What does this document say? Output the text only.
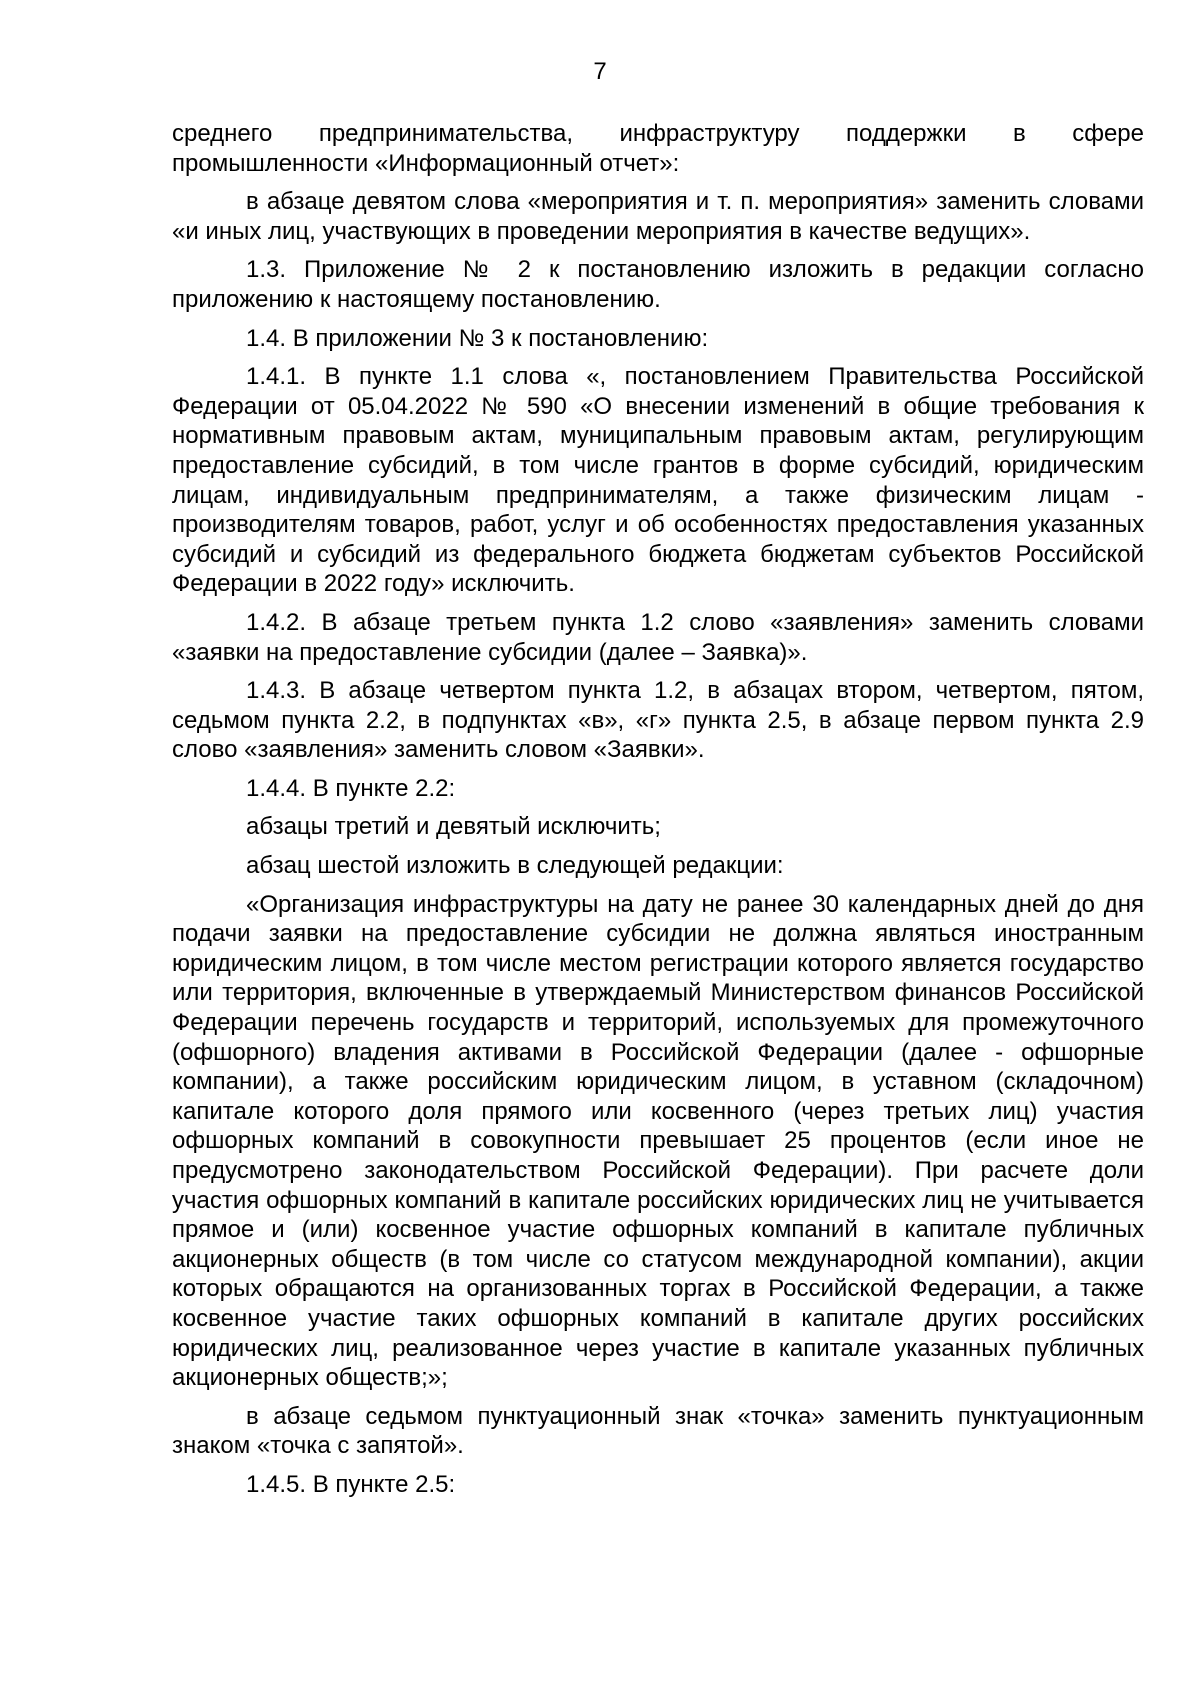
7

среднего предпринимательства, инфраструктуру поддержки в сфере промышленности «Информационный отчет»:

в абзаце девятом слова «мероприятия и т. п. мероприятия» заменить словами «и иных лиц, участвующих в проведении мероприятия в качестве ведущих».

1.3. Приложение № 2 к постановлению изложить в редакции согласно приложению к настоящему постановлению.

1.4. В приложении № 3 к постановлению:

1.4.1. В пункте 1.1 слова «, постановлением Правительства Российской Федерации от 05.04.2022 № 590 «О внесении изменений в общие требования к нормативным правовым актам, муниципальным правовым актам, регулирующим предоставление субсидий, в том числе грантов в форме субсидий, юридическим лицам, индивидуальным предпринимателям, а также физическим лицам - производителям товаров, работ, услуг и об особенностях предоставления указанных субсидий и субсидий из федерального бюджета бюджетам субъектов Российской Федерации в 2022 году» исключить.

1.4.2. В абзаце третьем пункта 1.2 слово «заявления» заменить словами «заявки на предоставление субсидии (далее – Заявка)».

1.4.3. В абзаце четвертом пункта 1.2, в абзацах втором, четвертом, пятом, седьмом пункта 2.2, в подпунктах «в», «г» пункта 2.5, в абзаце первом пункта 2.9 слово «заявления» заменить словом «Заявки».

1.4.4. В пункте 2.2:

абзацы третий и девятый исключить;

абзац шестой изложить в следующей редакции:

«Организация инфраструктуры на дату не ранее 30 календарных дней до дня подачи заявки на предоставление субсидии не должна являться иностранным юридическим лицом, в том числе местом регистрации которого является государство или территория, включенные в утверждаемый Министерством финансов Российской Федерации перечень государств и территорий, используемых для промежуточного (офшорного) владения активами в Российской Федерации (далее - офшорные компании), а также российским юридическим лицом, в уставном (складочном) капитале которого доля прямого или косвенного (через третьих лиц) участия офшорных компаний в совокупности превышает 25 процентов (если иное не предусмотрено законодательством Российской Федерации). При расчете доли участия офшорных компаний в капитале российских юридических лиц не учитывается прямое и (или) косвенное участие офшорных компаний в капитале публичных акционерных обществ (в том числе со статусом международной компании), акции которых обращаются на организованных торгах в Российской Федерации, а также косвенное участие таких офшорных компаний в капитале других российских юридических лиц, реализованное через участие в капитале указанных публичных акционерных обществ;»;

в абзаце седьмом пунктуационный знак «точка» заменить пунктуационным знаком «точка с запятой».

1.4.5. В пункте 2.5:
